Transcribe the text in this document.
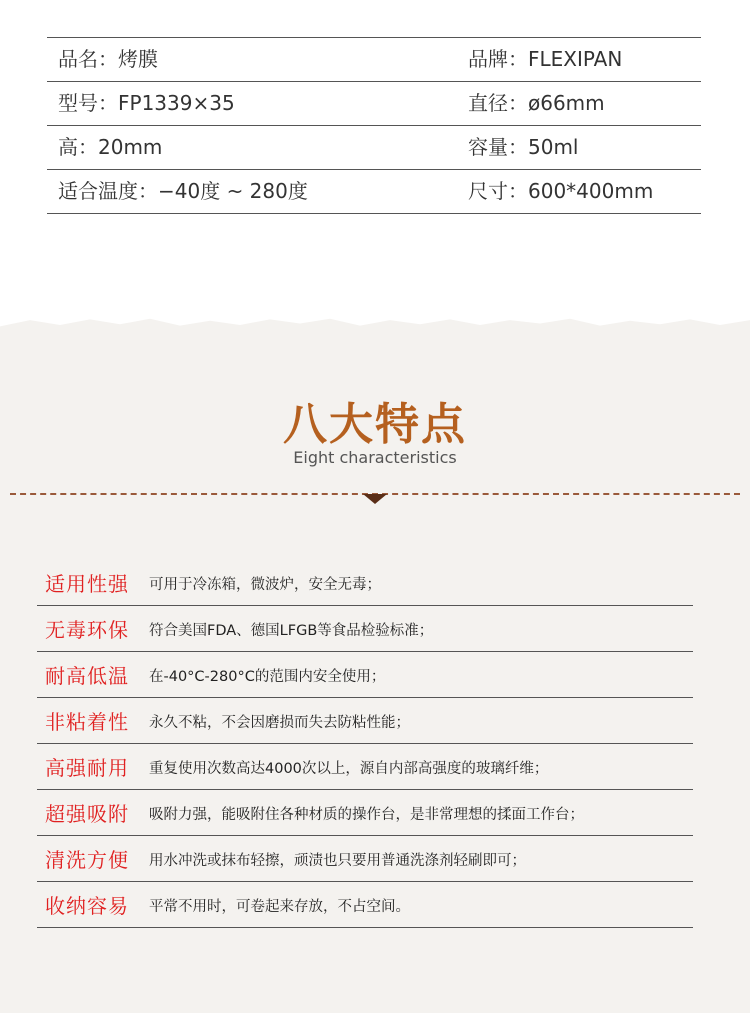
品名：烤膜	品牌：FLEXIPAN
型号：FP1339×35	直径：ø66mm
高：20mm	容量：50ml
适合温度：−40度 ~ 280度	尺寸：600*400mm
八大特点
Eight characteristics
适用性强 可用于冷冻箱，微波炉，安全无毒；
无毒环保 符合美国FDA、德国LFGB等食品检验标准；
耐高低温 在-40°C-280°C的范围内安全使用；
非粘着性 永久不粘，不会因磨损而失去防粘性能；
高强耐用 重复使用次数高达4000次以上，源自内部高强度的玻璃纤维；
超强吸附 吸附力强，能吸附住各种材质的操作台，是非常理想的揉面工作台；
清洗方便 用水冲洗或抹布轻擦，顽渍也只要用普通洗涤剂轻刷即可；
收纳容易 平常不用时，可卷起来存放，不占空间。
